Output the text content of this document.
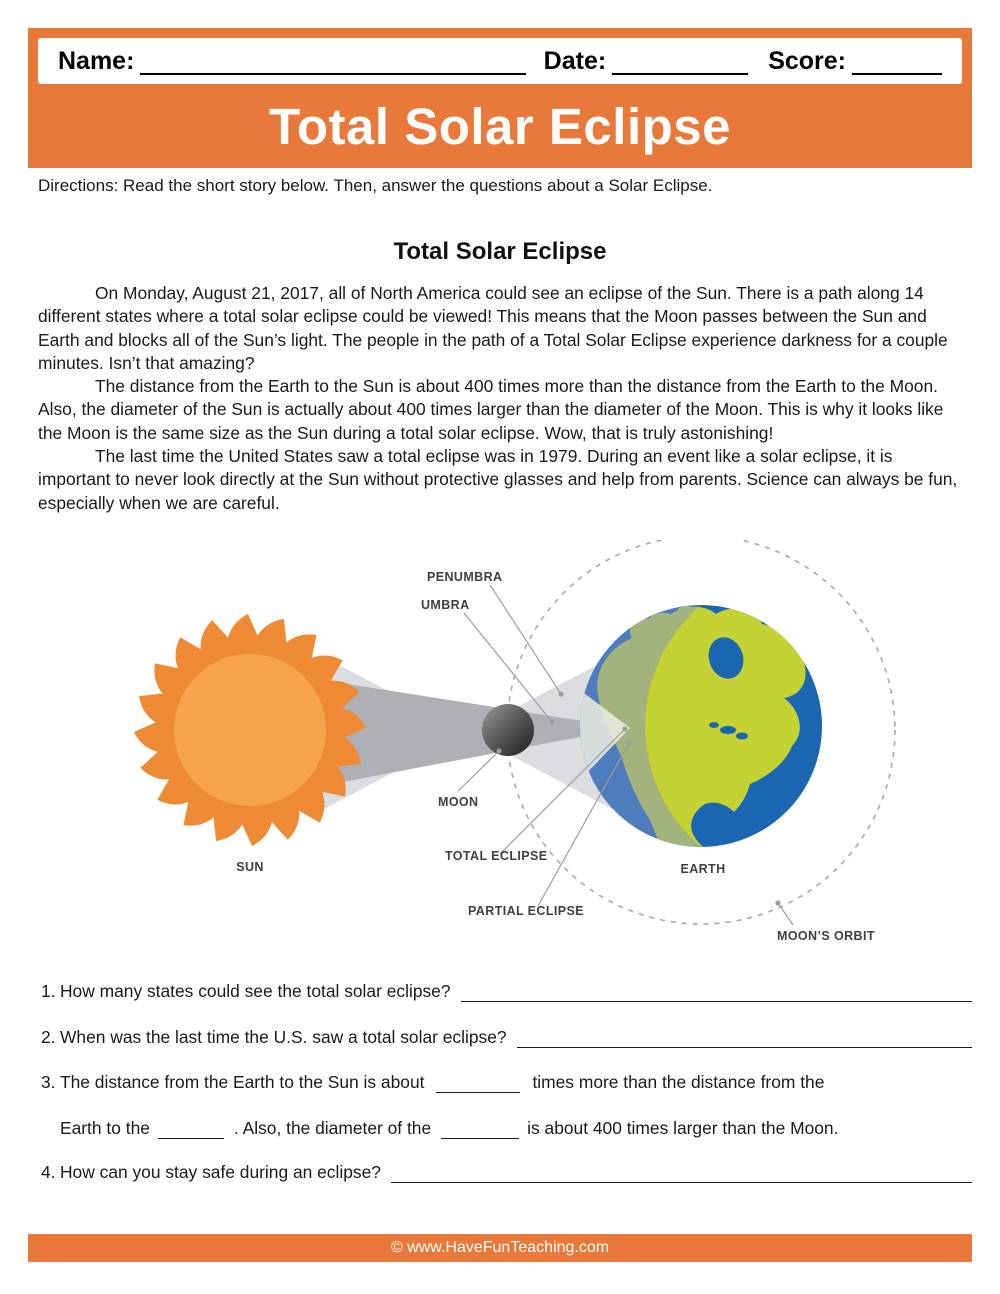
Name:	Date:	Score:
Total Solar Eclipse

Directions: Read the short story below. Then, answer the questions about a Solar Eclipse.

Total Solar Eclipse

On Monday, August 21, 2017, all of North America could see an eclipse of the Sun. There is a path along 14 different states where a total solar eclipse could be viewed! This means that the Moon passes between the Sun and Earth and blocks all of the Sun’s light. The people in the path of a Total Solar Eclipse experience darkness for a couple minutes. Isn’t that amazing?

The distance from the Earth to the Sun is about 400 times more than the distance from the Earth to the Moon. Also, the diameter of the Sun is actually about 400 times larger than the diameter of the Moon. This is why it looks like the Moon is the same size as the Sun during a total solar eclipse. Wow, that is truly astonishing!

The last time the United States saw a total eclipse was in 1979. During an event like a solar eclipse, it is important to never look directly at the Sun without protective glasses and help from parents. Science can always be fun, especially when we are careful.

PENUMBRA
UMBRA
MOON
SUN
TOTAL ECLIPSE
PARTIAL ECLIPSE
EARTH
MOON’S ORBIT
1. How many states could see the total solar eclipse?
2. When was the last time the U.S. saw a total solar eclipse?
3. The distance from the Earth to the Sun is about	times more than the distance from the
Earth to the	. Also, the diameter of the	is about 400 times larger than the Moon.
4. How can you stay safe during an eclipse?
© www.HaveFunTeaching.com
